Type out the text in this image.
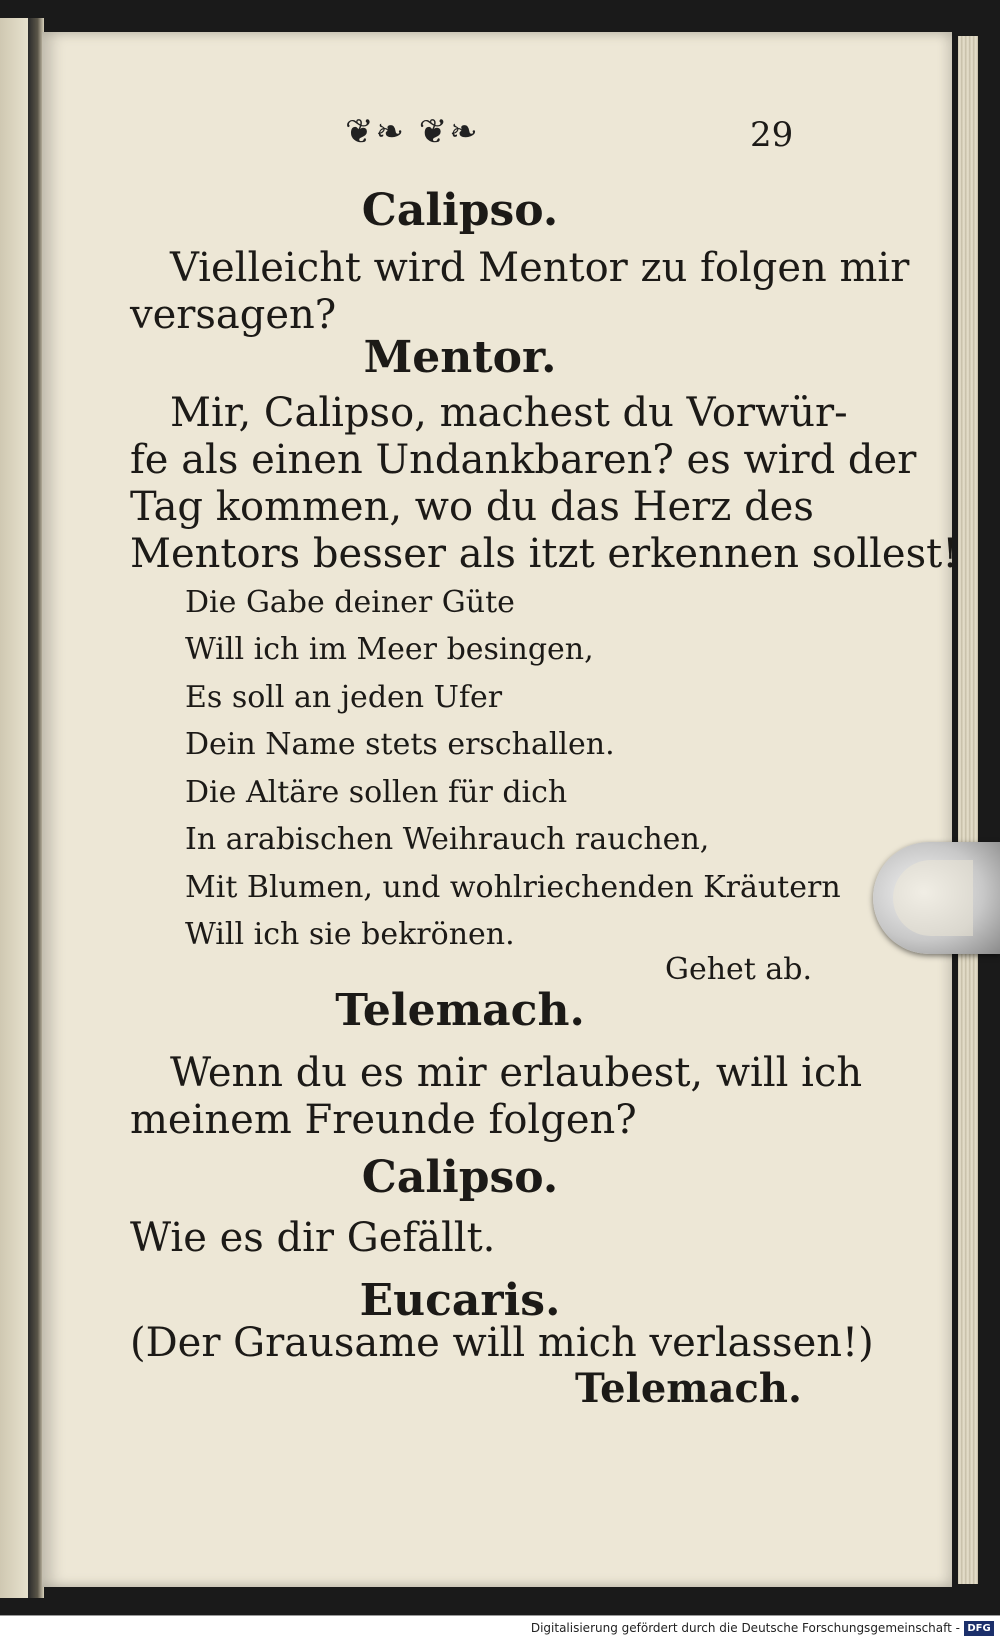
❦❧ ❦❧	29
Calipso.
Vielleicht wird Mentor zu folgen mir
versagen?
Mentor.
Mir, Calipso, machest du Vorwür-
fe als einen Undankbaren? es wird der
Tag kommen, wo du das Herz des
Mentors besser als itzt erkennen sollest!
Die Gabe deiner Güte
Will ich im Meer besingen,
Es soll an jeden Ufer
Dein Name stets erschallen.
Die Altäre sollen für dich
In arabischen Weihrauch rauchen,
Mit Blumen, und wohlriechenden Kräutern
Will ich sie bekrönen.
Gehet ab.
Telemach.
Wenn du es mir erlaubest, will ich
meinem Freunde folgen?
Calipso.
Wie es dir Gefällt.
Eucaris.
(Der Grausame will mich verlassen!)
Telemach.
Digitalisierung gefördert durch die Deutsche Forschungsgemeinschaft - DFG
